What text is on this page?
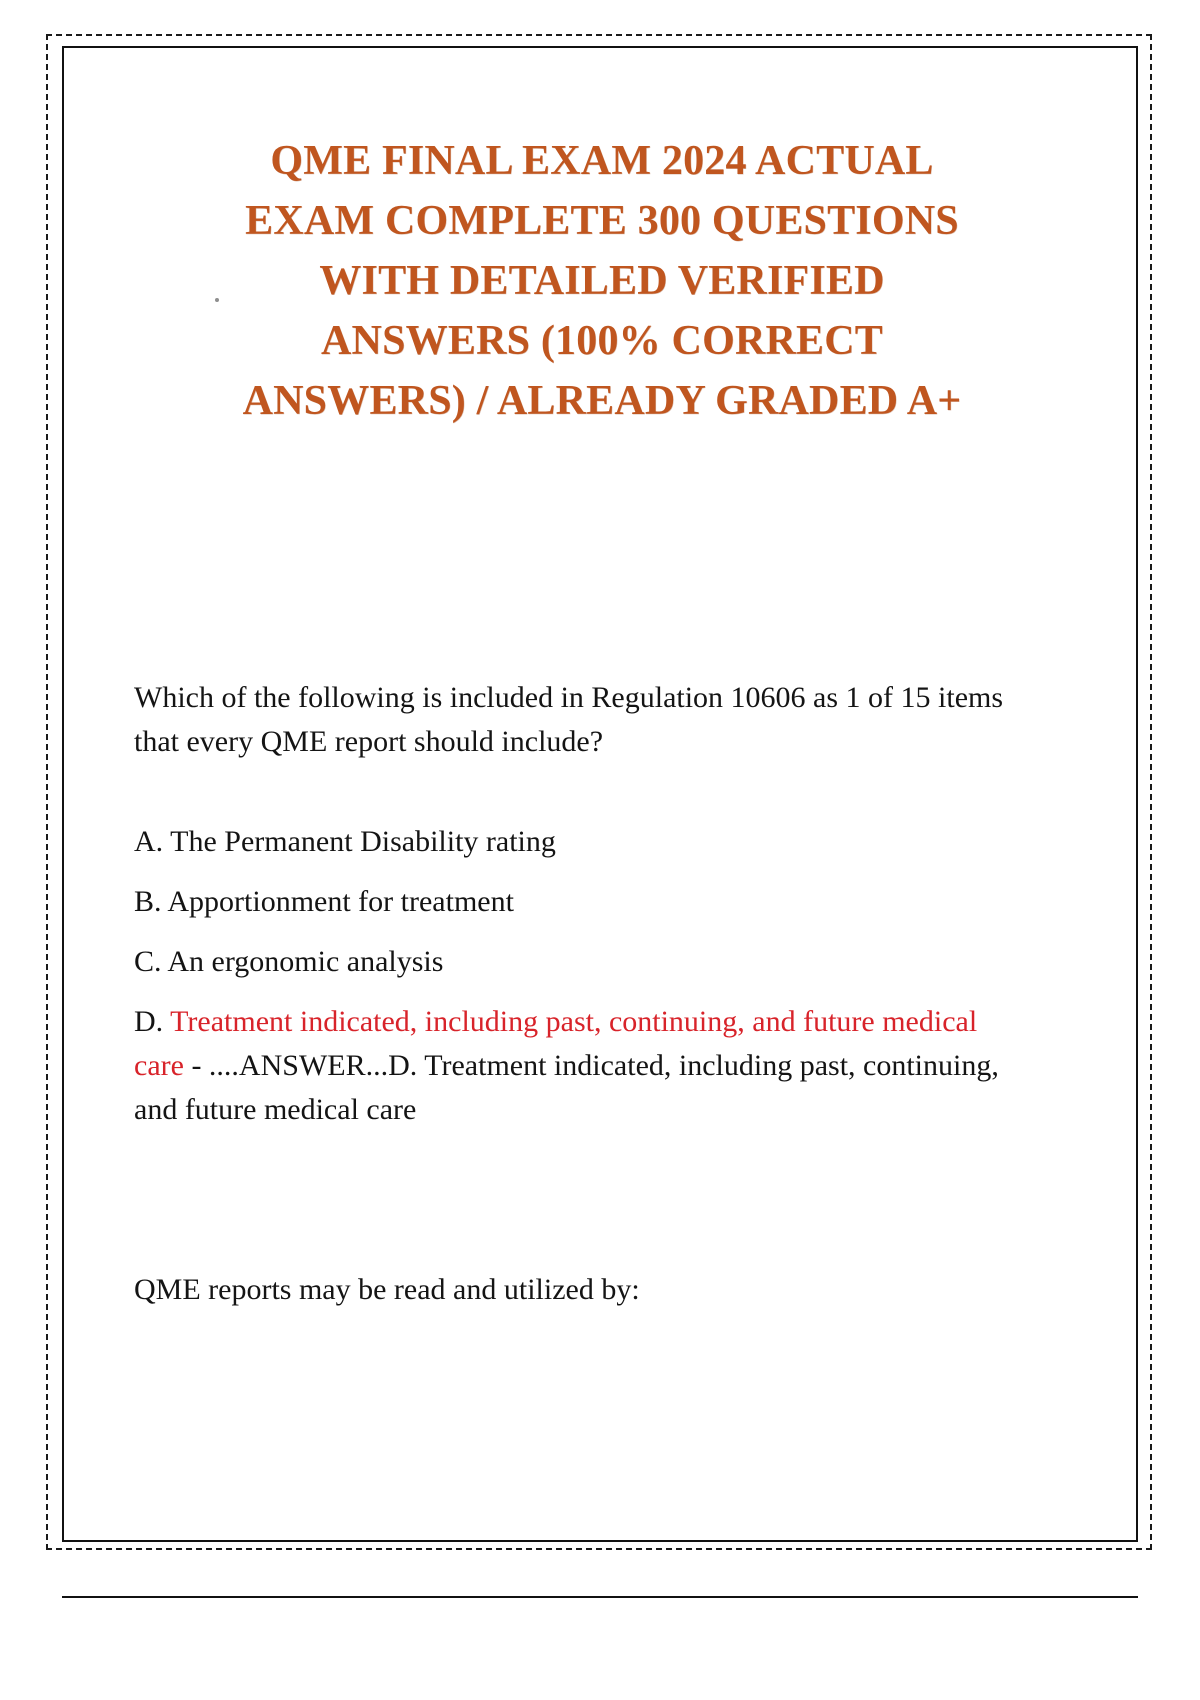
QME FINAL EXAM 2024 ACTUAL
EXAM COMPLETE 300 QUESTIONS
WITH DETAILED VERIFIED
ANSWERS (100% CORRECT
ANSWERS) / ALREADY GRADED A+

Which of the following is included in Regulation 10606 as 1 of 15 items that every QME report should include?

A. The Permanent Disability rating

B. Apportionment for treatment

C. An ergonomic analysis

D. Treatment indicated, including past, continuing, and future medical care - ....ANSWER...D. Treatment indicated, including past, continuing, and future medical care

QME reports may be read and utilized by:
